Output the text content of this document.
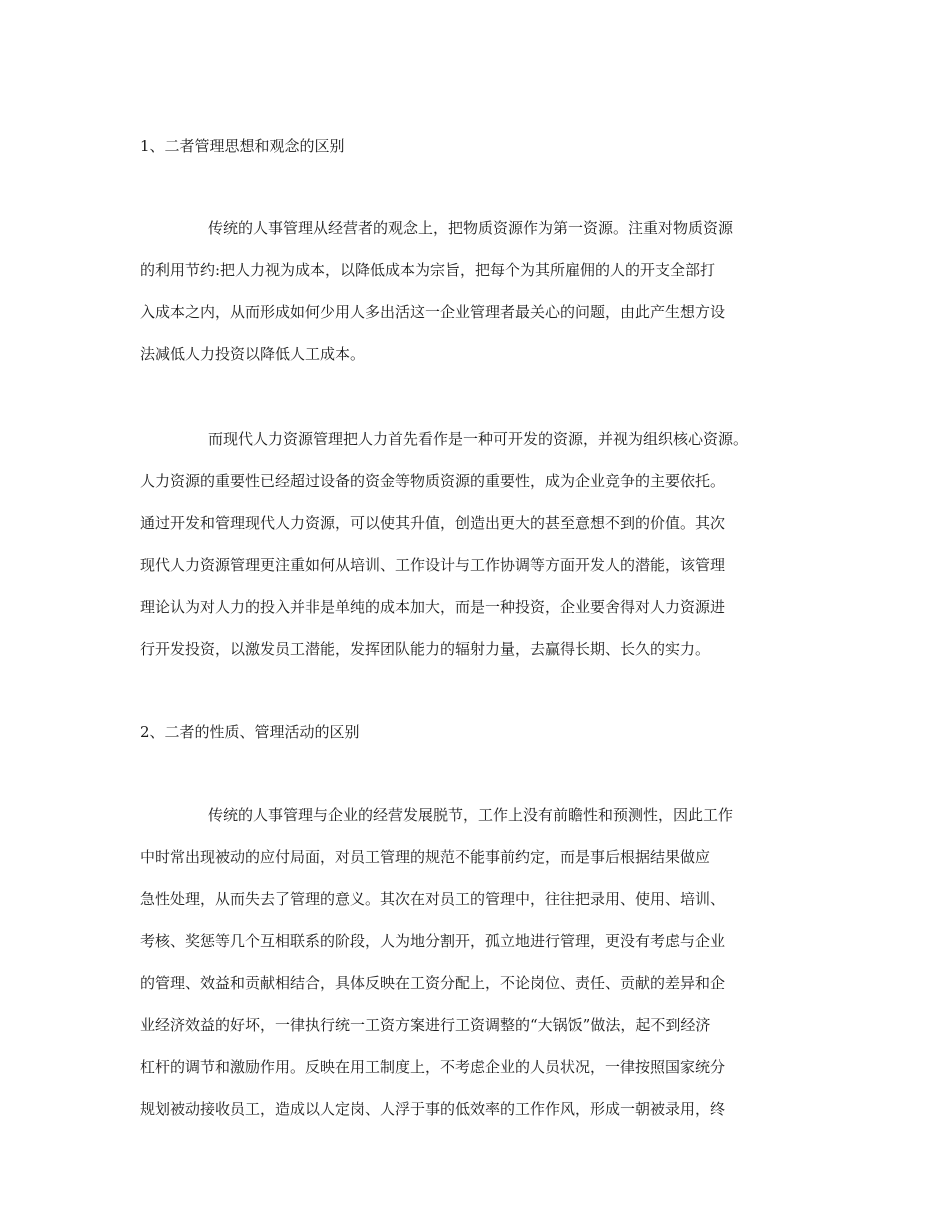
1、二者管理思想和观念的区别

传统的人事管理从经营者的观念上，把物质资源作为第一资源。注重对物质资源
的利用节约:把人力视为成本，以降低成本为宗旨，把每个为其所雇佣的人的开支全部打
入成本之内，从而形成如何少用人多出活这一企业管理者最关心的问题，由此产生想方设
法减低人力投资以降低人工成本。
而现代人力资源管理把人力首先看作是一种可开发的资源，并视为组织核心资源。
人力资源的重要性已经超过设备的资金等物质资源的重要性，成为企业竞争的主要依托。
通过开发和管理现代人力资源，可以使其升值，创造出更大的甚至意想不到的价值。其次
现代人力资源管理更注重如何从培训、工作设计与工作协调等方面开发人的潜能，该管理
理论认为对人力的投入并非是单纯的成本加大，而是一种投资，企业要舍得对人力资源进
行开发投资，以激发员工潜能，发挥团队能力的辐射力量，去赢得长期、长久的实力。

2、二者的性质、管理活动的区别

传统的人事管理与企业的经营发展脱节，工作上没有前瞻性和预测性，因此工作
中时常出现被动的应付局面，对员工管理的规范不能事前约定，而是事后根据结果做应
急性处理，从而失去了管理的意义。其次在对员工的管理中，往往把录用、使用、培训、
考核、奖惩等几个互相联系的阶段，人为地分割开，孤立地进行管理，更没有考虑与企业
的管理、效益和贡献相结合，具体反映在工资分配上，不论岗位、责任、贡献的差异和企
业经济效益的好坏，一律执行统一工资方案进行工资调整的“大锅饭”做法，起不到经济
杠杆的调节和激励作用。反映在用工制度上，不考虑企业的人员状况，一律按照国家统分
规划被动接收员工，造成以人定岗、人浮于事的低效率的工作作风，形成一朝被录用，终
